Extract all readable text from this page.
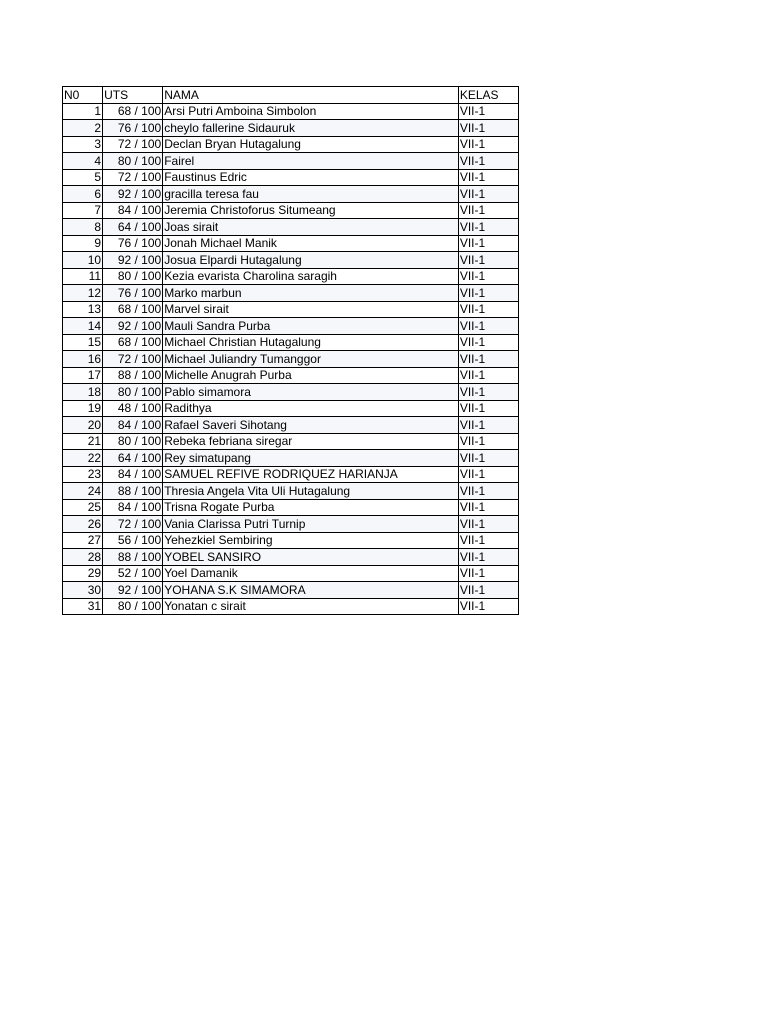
N0	UTS	NAMA	KELAS
1	68 / 100	Arsi Putri Amboina Simbolon	VII-1
2	76 / 100	cheylo fallerine Sidauruk	VII-1
3	72 / 100	Declan Bryan Hutagalung	VII-1
4	80 / 100	Fairel	VII-1
5	72 / 100	Faustinus Edric	VII-1
6	92 / 100	gracilla teresa fau	VII-1
7	84 / 100	Jeremia Christoforus Situmeang	VII-1
8	64 / 100	Joas sirait	VII-1
9	76 / 100	Jonah Michael Manik	VII-1
10	92 / 100	Josua Elpardi Hutagalung	VII-1
11	80 / 100	Kezia evarista Charolina saragih	VII-1
12	76 / 100	Marko marbun	VII-1
13	68 / 100	Marvel sirait	VII-1
14	92 / 100	Mauli Sandra Purba	VII-1
15	68 / 100	Michael Christian Hutagalung	VII-1
16	72 / 100	Michael Juliandry Tumanggor	VII-1
17	88 / 100	Michelle Anugrah Purba	VII-1
18	80 / 100	Pablo simamora	VII-1
19	48 / 100	Radithya	VII-1
20	84 / 100	Rafael Saveri Sihotang	VII-1
21	80 / 100	Rebeka febriana siregar	VII-1
22	64 / 100	Rey simatupang	VII-1
23	84 / 100	SAMUEL REFIVE RODRIQUEZ HARIANJA	VII-1
24	88 / 100	Thresia Angela Vita Uli Hutagalung	VII-1
25	84 / 100	Trisna Rogate Purba	VII-1
26	72 / 100	Vania Clarissa Putri Turnip	VII-1
27	56 / 100	Yehezkiel Sembiring	VII-1
28	88 / 100	YOBEL SANSIRO	VII-1
29	52 / 100	Yoel Damanik	VII-1
30	92 / 100	YOHANA S.K SIMAMORA	VII-1
31	80 / 100	Yonatan c sirait	VII-1
